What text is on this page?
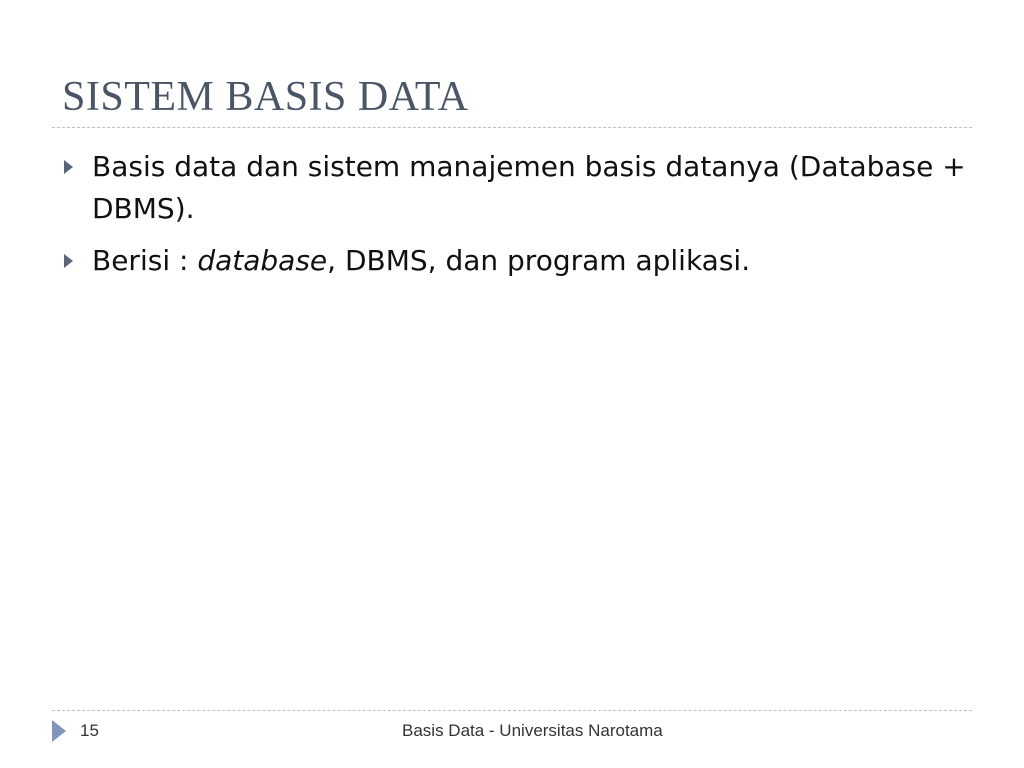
SISTEM BASIS DATA
Basis data dan sistem manajemen basis datanya (Database + DBMS).
Berisi : database, DBMS, dan program aplikasi.
15	Basis Data - Universitas Narotama
